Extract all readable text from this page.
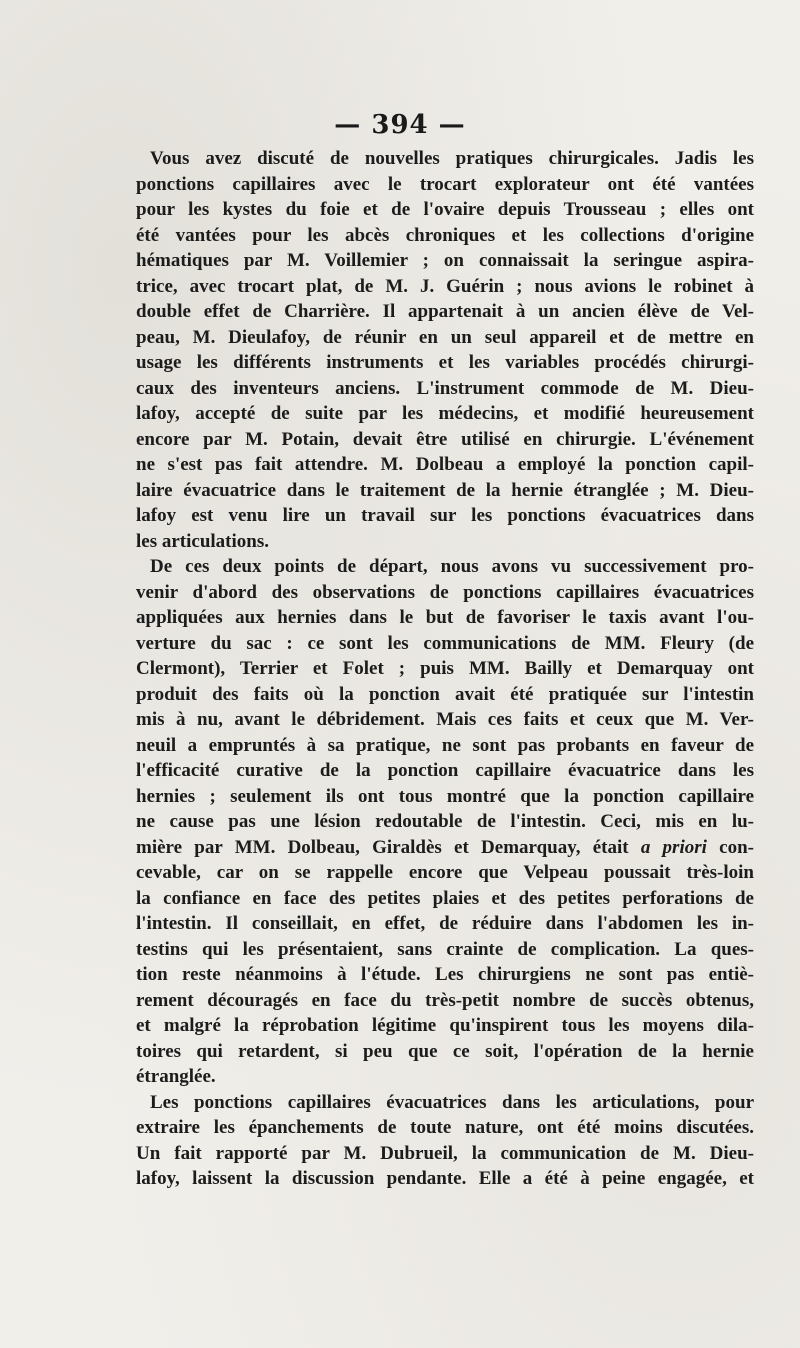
— 394 —
Vous avez discuté de nouvelles pratiques chirurgicales. Jadis les
ponctions capillaires avec le trocart explorateur ont été vantées
pour les kystes du foie et de l'ovaire depuis Trousseau ; elles ont
été vantées pour les abcès chroniques et les collections d'origine
hématiques par M. Voillemier ; on connaissait la seringue aspira-
trice, avec trocart plat, de M. J. Guérin ; nous avions le robinet à
double effet de Charrière. Il appartenait à un ancien élève de Vel-
peau, M. Dieulafoy, de réunir en un seul appareil et de mettre en
usage les différents instruments et les variables procédés chirurgi-
caux des inventeurs anciens. L'instrument commode de M. Dieu-
lafoy, accepté de suite par les médecins, et modifié heureusement
encore par M. Potain, devait être utilisé en chirurgie. L'événement
ne s'est pas fait attendre. M. Dolbeau a employé la ponction capil-
laire évacuatrice dans le traitement de la hernie étranglée ; M. Dieu-
lafoy est venu lire un travail sur les ponctions évacuatrices dans
les articulations.
De ces deux points de départ, nous avons vu successivement pro-
venir d'abord des observations de ponctions capillaires évacuatrices
appliquées aux hernies dans le but de favoriser le taxis avant l'ou-
verture du sac : ce sont les communications de MM. Fleury (de
Clermont), Terrier et Folet ; puis MM. Bailly et Demarquay ont
produit des faits où la ponction avait été pratiquée sur l'intestin
mis à nu, avant le débridement. Mais ces faits et ceux que M. Ver-
neuil a empruntés à sa pratique, ne sont pas probants en faveur de
l'efficacité curative de la ponction capillaire évacuatrice dans les
hernies ; seulement ils ont tous montré que la ponction capillaire
ne cause pas une lésion redoutable de l'intestin. Ceci, mis en lu-
mière par MM. Dolbeau, Giraldès et Demarquay, était a priori con-
cevable, car on se rappelle encore que Velpeau poussait très-loin
la confiance en face des petites plaies et des petites perforations de
l'intestin. Il conseillait, en effet, de réduire dans l'abdomen les in-
testins qui les présentaient, sans crainte de complication. La ques-
tion reste néanmoins à l'étude. Les chirurgiens ne sont pas entiè-
rement découragés en face du très-petit nombre de succès obtenus,
et malgré la réprobation légitime qu'inspirent tous les moyens dila-
toires qui retardent, si peu que ce soit, l'opération de la hernie
étranglée.
Les ponctions capillaires évacuatrices dans les articulations, pour
extraire les épanchements de toute nature, ont été moins discutées.
Un fait rapporté par M. Dubrueil, la communication de M. Dieu-
lafoy, laissent la discussion pendante. Elle a été à peine engagée, et
